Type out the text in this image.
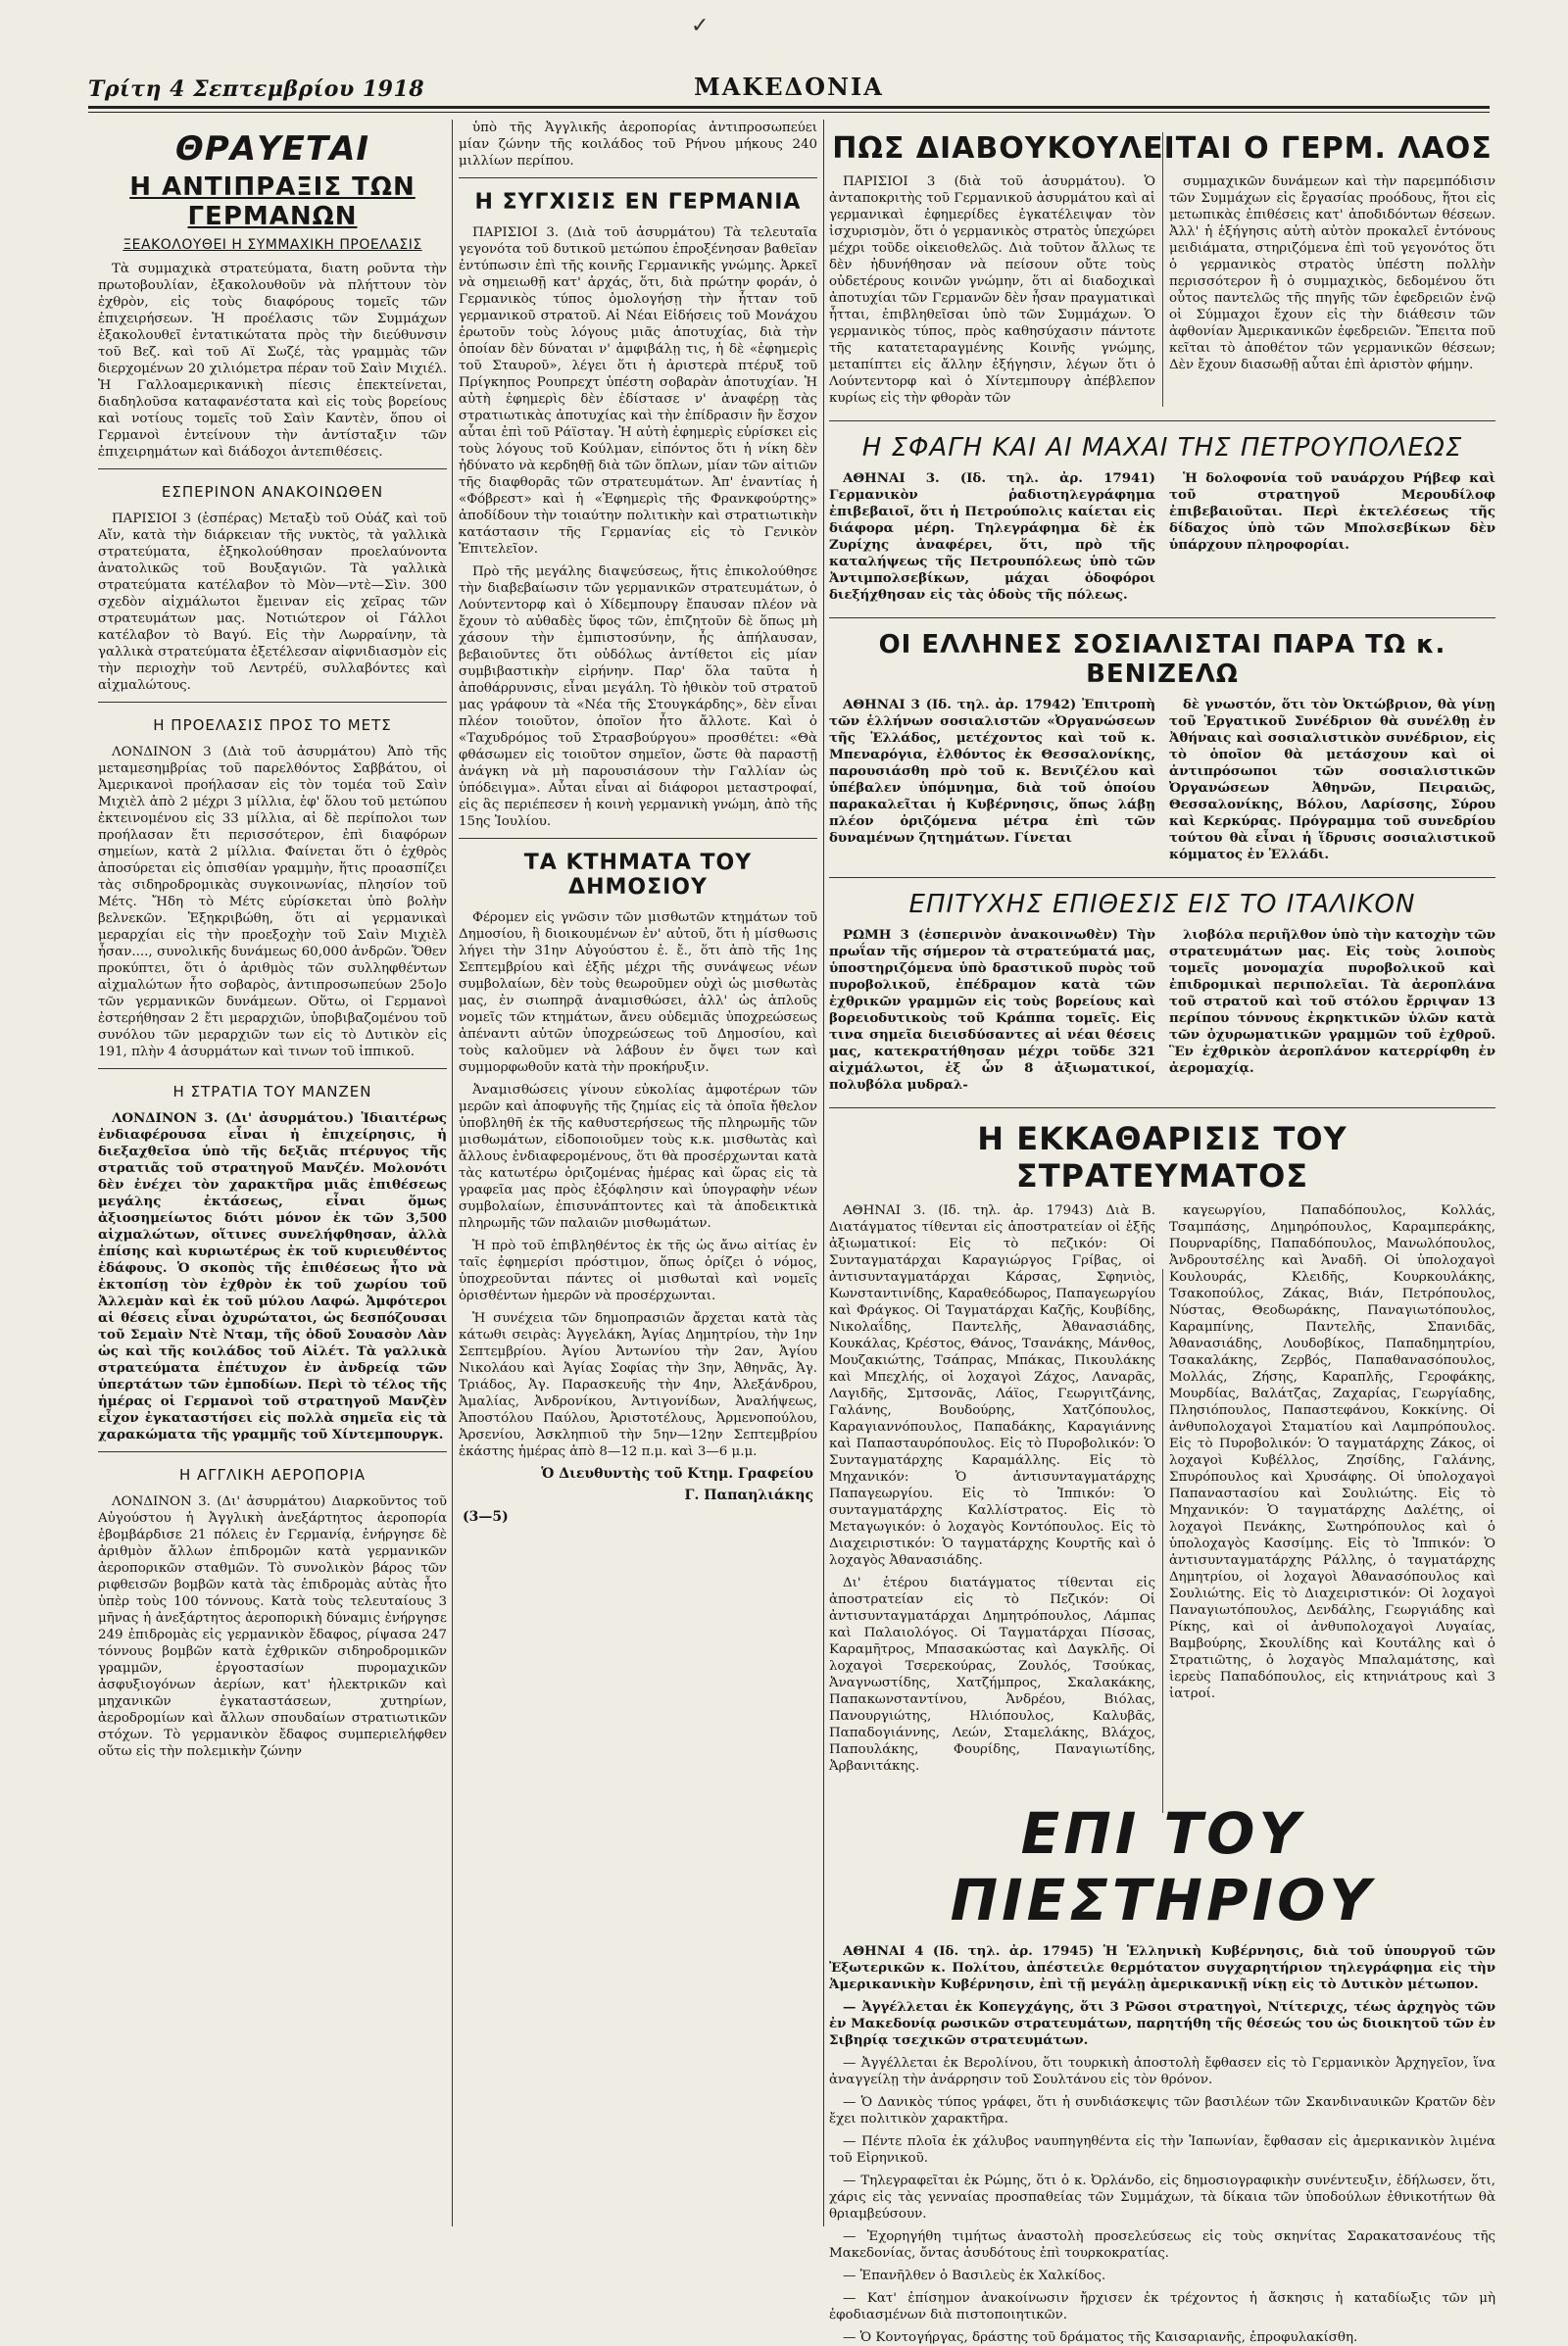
✓
Τρίτη 4 Σεπτεμβρίου 1918	ΜΑΚΕΔΟΝΙΑ
ΘΡΑΥΕΤΑΙ
Η ΑΝΤΙΠΡΑΞΙΣ ΤΩΝ ΓΕΡΜΑΝΩΝ
ΞΕΑΚΟΛΟΥΘΕΙ Η ΣΥΜΜΑΧΙΚΗ ΠΡΟΕΛΑΣΙΣ

Τὰ συμμαχικὰ στρατεύματα, διατη ροῦντα τὴν πρωτοβουλίαν, ἐξακολουθοῦν νὰ πλήττουν τὸν ἐχθρὸν, εἰς τοὺς διαφόρους τομεῖς τῶν ἐπιχειρήσεων. Ἡ προέλασις τῶν Συμμάχων ἐξακολουθεῖ ἐντατικώτατα πρὸς τὴν διεύθυνσιν τοῦ Βεζ. καὶ τοῦ Αϊ Σωζέ, τὰς γραμμὰς τῶν διερχομένων 20 χιλιόμετρα πέραν τοῦ Σαὶν Μιχιέλ. Ἡ Γαλλοαμερικανικὴ πίεσις ἐπεκτείνεται, διαδηλοῦσα καταφανέστατα καὶ εἰς τοὺς βορείους καὶ νοτίους τομεῖς τοῦ Σαὶν Καντὲν, ὅπου οἱ Γερμανοὶ ἐντείνουν τὴν ἀντίσταξιν τῶν ἐπιχειρημάτων καὶ διάδοχοι ἀντεπιθέσεις.

ΕΣΠΕΡΙΝΟΝ ΑΝΑΚΟΙΝΩΘΕΝ

ΠΑΡΙΣΙΟΙ 3 (ἑσπέρας) Μεταξὺ τοῦ Οὐάζ καὶ τοῦ Αἴν, κατὰ τὴν διάρκειαν τῆς νυκτὸς, τὰ γαλλικὰ στρατεύματα, ἐξηκολούθησαν προελαύνοντα ἀνατολικῶς τοῦ Βουξαγιῶν. Τὰ γαλλικὰ στρατεύματα κατέλαβον τὸ Μὸν—ντὲ—Σὶν. 300 σχεδὸν αἰχμάλωτοι ἔμειναν εἰς χεῖρας τῶν στρατευμάτων μας. Νοτιώτερον οἱ Γάλλοι κατέλαβον τὸ Βαγύ. Εἰς τὴν Λωρραίνην, τὰ γαλλικὰ στρατεύματα ἐξετέλεσαν αἰφνιδιασμὸν εἰς τὴν περιοχὴν τοῦ Λεντρέϋ, συλλαβόντες καὶ αἰχμαλώτους.

Η ΠΡΟΕΛΑΣΙΣ ΠΡΟΣ ΤΟ ΜΕΤΣ

ΛΟΝΔΙΝΟΝ 3 (Διὰ τοῦ ἀσυρμάτου) Ἀπὸ τῆς μεταμεσημβρίας τοῦ παρελθόντος Σαββάτου, οἱ Ἀμερικανοὶ προήλασαν εἰς τὸν τομέα τοῦ Σαὶν Μιχιὲλ ἀπὸ 2 μέχρι 3 μίλλια, ἐφ' ὅλου τοῦ μετώπου ἐκτεινομένου εἰς 33 μίλλια, αἱ δὲ περίπολοι των προήλασαν ἔτι περισσότερον, ἐπὶ διαφόρων σημείων, κατὰ 2 μίλλια. Φαίνεται ὅτι ὁ ἐχθρὸς ἀποσύρεται εἰς ὀπισθίαν γραμμὴν, ἥτις προασπίζει τὰς σιδηροδρομικὰς συγκοινωνίας, πλησίον τοῦ Μέτς. Ἤδη τὸ Μέτς εὑρίσκεται ὑπὸ βολὴν βελνεκῶν. Ἐξηκριβώθη, ὅτι αἱ γερμανικαὶ μεραρχίαι εἰς τὴν προεξοχὴν τοῦ Σαὶν Μιχιὲλ ἦσαν...., συνολικῆς δυνάμεως 60,000 ἀνδρῶν. Ὅθεν προκύπτει, ὅτι ὁ ἀριθμὸς τῶν συλληφθέντων αἰχμαλώτων ἦτο σοβαρὸς, ἀντιπροσωπεύων 25ο]ο τῶν γερμανικῶν δυνάμεων. Οὕτω, οἱ Γερμανοὶ ἐστερήθησαν 2 ἔτι μεραρχιῶν, ὑποβιβαζομένου τοῦ συνόλου τῶν μεραρχιῶν των εἰς τὸ Δυτικὸν εἰς 191, πλὴν 4 ἀσυρμάτων καὶ τινων τοῦ ἱππικοῦ.

Η ΣΤΡΑΤΙΑ ΤΟΥ ΜΑΝΖΕΝ

ΛΟΝΔΙΝΟΝ 3. (Δι' ἀσυρμάτου.) Ἰδιαιτέρως ἐνδιαφέρουσα εἶναι ἡ ἐπιχείρησις, ἡ διεξαχθεῖσα ὑπὸ τῆς δεξιᾶς πτέρυγος τῆς στρατιᾶς τοῦ στρατηγοῦ Μανζέν. Μολονότι δὲν ἐνέχει τὸν χαρακτῆρα μιᾶς ἐπιθέσεως μεγάλης ἐκτάσεως, εἶναι ὅμως ἀξιοσημείωτος διότι μόνον ἐκ τῶν 3,500 αἰχμαλώτων, οἵτινες συνελήφθησαν, ἀλλὰ ἐπίσης καὶ κυριωτέρως ἐκ τοῦ κυριευθέντος ἐδάφους. Ὁ σκοπὸς τῆς ἐπιθέσεως ἦτο νὰ ἐκτοπίσῃ τὸν ἐχθρὸν ἐκ τοῦ χωρίου τοῦ Ἀλλεμὰν καὶ ἐκ τοῦ μύλου Λαφώ. Ἀμφότεροι αἱ θέσεις εἶναι ὀχυρώτατοι, ὡς δεσπόζουσαι τοῦ Σεμαὶν Ντὲ Νταμ, τῆς ὁδοῦ Σουασὸν Λὰν ὡς καὶ τῆς κοιλάδος τοῦ Αἰλέτ. Τὰ γαλλικὰ στρατεύματα ἐπέτυχον ἐν ἀνδρείᾳ τῶν ὑπερτάτων τῶν ἐμποδίων. Περὶ τὸ τέλος τῆς ἡμέρας οἱ Γερμανοὶ τοῦ στρατηγοῦ Μανζὲν εἶχον ἐγκαταστήσει εἰς πολλὰ σημεῖα εἰς τὰ χαρακώματα τῆς γραμμῆς τοῦ Χίντεμπουργκ.

Η ΑΓΓΛΙΚΗ ΑΕΡΟΠΟΡΙΑ

ΛΟΝΔΙΝΟΝ 3. (Δι' ἀσυρμάτου) Διαρκοῦντος τοῦ Αὐγούστου ἡ Ἀγγλικὴ ἀνεξάρτητος ἀεροπορία ἐβομβάρδισε 21 πόλεις ἐν Γερμανίᾳ, ἐνήργησε δὲ ἀριθμὸν ἄλλων ἐπιδρομῶν κατὰ γερμανικῶν ἀεροπορικῶν σταθμῶν. Τὸ συνολικὸν βάρος τῶν ριφθεισῶν βομβῶν κατὰ τὰς ἐπιδρομὰς αὐτὰς ἦτο ὑπὲρ τοὺς 100 τόννους. Κατὰ τοὺς τελευταίους 3 μῆνας ἡ ἀνεξάρτητος ἀεροπορικὴ δύναμις ἐνήργησε 249 ἐπιδρομὰς εἰς γερμανικὸν ἔδαφος, ρίψασα 247 τόννους βομβῶν κατὰ ἐχθρικῶν σιδηροδρομικῶν γραμμῶν, ἐργοστασίων πυρομαχικῶν ἀσφυξιογόνων ἀερίων, κατ' ἠλεκτρικῶν καὶ μηχανικῶν ἐγκαταστάσεων, χυτηρίων, ἀεροδρομίων καὶ ἄλλων σπουδαίων στρατιωτικῶν στόχων. Τὸ γερμανικὸν ἔδαφος συμπεριελήφθεν οὕτω εἰς τὴν πολεμικὴν ζώνην

ὑπὸ τῆς Ἀγγλικῆς ἀεροπορίας ἀντιπροσωπεύει μίαν ζώνην τῆς κοιλάδος τοῦ Ρήνου μήκους 240 μιλλίων περίπου.

Η ΣΥΓΧΙΣΙΣ ΕΝ ΓΕΡΜΑΝΙΑ

ΠΑΡΙΣΙΟΙ 3. (Διὰ τοῦ ἀσυρμάτου) Τὰ τελευταῖα γεγονότα τοῦ δυτικοῦ μετώπου ἐπροξένησαν βαθεῖαν ἐντύπωσιν ἐπὶ τῆς κοινῆς Γερμανικῆς γνώμης. Ἀρκεῖ νὰ σημειωθῇ κατ' ἀρχάς, ὅτι, διὰ πρώτην φοράν, ὁ Γερμανικὸς τύπος ὁμολογήσῃ τὴν ἧτταν τοῦ γερμανικοῦ στρατοῦ. Αἱ Νέαι Εἰδήσεις τοῦ Μονάχου ἐρωτοῦν τοὺς λόγους μιᾶς ἀποτυχίας, διὰ τὴν ὁποίαν δὲν δύναται ν' ἀμφιβάλῃ τις, ἡ δὲ «ἐφημερὶς τοῦ Σταυροῦ», λέγει ὅτι ἡ ἀριστερὰ πτέρυξ τοῦ Πρίγκηπος Ρουπρεχτ ὑπέστη σοβαρὰν ἀποτυχίαν. Ἡ αὐτὴ ἐφημερὶς δὲν ἐδίστασε ν' ἀναφέρῃ τὰς στρατιωτικὰς ἀποτυχίας καὶ τὴν ἐπίδρασιν ἣν ἔσχον αὗται ἐπὶ τοῦ Ράϊσταγ. Ἡ αὐτὴ ἐφημερὶς εὑρίσκει εἰς τοὺς λόγους τοῦ Κούλμαν, εἰπόντος ὅτι ἡ νίκη δὲν ἠδύνατο νὰ κερδηθῇ διὰ τῶν ὅπλων, μίαν τῶν αἰτιῶν τῆς διαφθορᾶς τῶν στρατευμάτων. Ἀπ' ἐναντίας ἡ «Φόβρεστ» καὶ ἡ «Ἐφημερὶς τῆς Φρανκφούρτης» ἀποδίδουν τὴν τοιαύτην πολιτικὴν καὶ στρατιωτικὴν κατάστασιν τῆς Γερμανίας εἰς τὸ Γενικὸν Ἐπιτελεῖον.

Πρὸ τῆς μεγάλης διαψεύσεως, ἥτις ἐπικολούθησε τὴν διαβεβαίωσιν τῶν γερμανικῶν στρατευμάτων, ὁ Λούντεντορφ καὶ ὁ Χίδεμπουργ ἔπαυσαν πλέον νὰ ἔχουν τὸ αὐθαδὲς ὕφος τῶν, ἐπιζητοῦν δὲ ὅπως μὴ χάσουν τὴν ἐμπιστοσύνην, ἧς ἀπήλαυσαν, βεβαιοῦντες ὅτι οὐδόλως ἀντίθετοι εἰς μίαν συμβιβαστικὴν εἰρήνην. Παρ' ὅλα ταῦτα ἡ ἀποθάρρυνσις, εἶναι μεγάλη. Τὸ ἠθικὸν τοῦ στρατοῦ μας γράφουν τὰ «Νέα τῆς Στουγκάρδης», δὲν εἶναι πλέον τοιοῦτον, ὁποῖον ἦτο ἄλλοτε. Καὶ ὁ «Ταχυδρόμος τοῦ Στρασβούργου» προσθέτει: «Θὰ φθάσωμεν εἰς τοιοῦτον σημεῖον, ὥστε θὰ παραστῇ ἀνάγκη νὰ μὴ παρουσιάσουν τὴν Γαλλίαν ὡς ὑπόδειγμα». Αὗται εἶναι αἱ διάφοροι μεταστροφαί, εἰς ἃς περιέπεσεν ἡ κοινὴ γερμανικὴ γνώμη, ἀπὸ τῆς 15ης Ἰουλίου.

ΤΑ ΚΤΗΜΑΤΑ ΤΟΥ ΔΗΜΟΣΙΟΥ

Φέρομεν εἰς γνῶσιν τῶν μισθωτῶν κτημάτων τοῦ Δημοσίου, ἢ διοικουμένων ἐν' αὐτοῦ, ὅτι ἡ μίσθωσις λήγει τὴν 31ην Αὐγούστου ἐ. ἔ., ὅτι ἀπὸ τῆς 1ης Σεπτεμβρίου καὶ ἑξῆς μέχρι τῆς συνάψεως νέων συμβολαίων, δὲν τοὺς θεωροῦμεν οὐχὶ ὡς μισθωτὰς μας, ἐν σιωπηρᾷ ἀναμισθώσει, ἀλλ' ὡς ἁπλοῦς νομεῖς τῶν κτημάτων, ἄνευ οὐδεμιᾶς ὑποχρεώσεως ἀπέναντι αὐτῶν ὑποχρεώσεως τοῦ Δημοσίου, καὶ τοὺς καλοῦμεν νὰ λάβουν ἐν ὄψει των καὶ συμμορφωθοῦν κατὰ τὴν προκήρυξιν.

Ἀναμισθώσεις γίνουν εὐκολίας ἀμφοτέρων τῶν μερῶν καὶ ἀποφυγῆς τῆς ζημίας εἰς τὰ ὁποῖα ἤθελον ὑποβληθῆ ἐκ τῆς καθυστερήσεως τῆς πληρωμῆς τῶν μισθωμάτων, εἰδοποιοῦμεν τοὺς κ.κ. μισθωτὰς καὶ ἄλλους ἐνδιαφερομένους, ὅτι θὰ προσέρχωνται κατὰ τὰς κατωτέρω ὁριζομένας ἡμέρας καὶ ὥρας εἰς τὰ γραφεῖα μας πρὸς ἐξόφλησιν καὶ ὑπογραφὴν νέων συμβολαίων, ἐπισυνάπτοντες καὶ τὰ ἀποδεικτικὰ πληρωμῆς τῶν παλαιῶν μισθωμάτων.

Ἡ πρὸ τοῦ ἐπιβληθέντος ἐκ τῆς ὡς ἄνω αἰτίας ἐν ταῖς ἐφημερίσι πρόστιμον, ὅπως ὁρίζει ὁ νόμος, ὑποχρεοῦνται πάντες οἱ μισθωταὶ καὶ νομεῖς ὁρισθέντων ἡμερῶν νὰ προσέρχωνται.

Ἡ συνέχεια τῶν δημοπρασιῶν ἄρχεται κατὰ τὰς κάτωθι σειρὰς: Ἀγγελάκη, Ἁγίας Δημητρίου, τὴν 1ην Σεπτεμβρίου. Ἀγίου Ἀντωνίου τὴν 2αν, Ἀγίου Νικολάου καὶ Ἁγίας Σοφίας τὴν 3ην, Ἀθηνᾶς, Ἀγ. Τριάδος, Ἀγ. Παρασκευῆς τὴν 4ην, Ἀλεξάνδρου, Ἀμαλίας, Ἀνδρονίκου, Ἀντιγονίδων, Ἀναλήψεως, Ἀποστόλου Παύλου, Ἀριστοτέλους, Ἀρμενοπούλου, Ἀρσενίου, Ἀσκληπιοῦ τὴν 5ην—12ην Σεπτεμβρίου ἑκάστης ἡμέρας ἀπὸ 8—12 π.μ. καὶ 3—6 μ.μ.

Ὁ Διευθυντὴς τοῦ Κτημ. Γραφείου
Γ. Παπαηλιάκης
(3—5)
ΠΩΣ ΔΙΑΒΟΥΚΟΥΛΕΙΤΑΙ Ο ΓΕΡΜ. ΛΑΟΣ

ΠΑΡΙΣΙΟΙ 3 (διὰ τοῦ ἀσυρμάτου). Ὁ ἀνταποκριτὴς τοῦ Γερμανικοῦ ἀσυρμάτου καὶ αἱ γερμανικαὶ ἐφημερίδες ἐγκατέλειψαν τὸν ἰσχυρισμὸν, ὅτι ὁ γερμανικὸς στρατὸς ὑπεχώρει μέχρι τοῦδε οἰκειοθελῶς. Διὰ τοῦτον ἄλλως τε δὲν ἠδυνήθησαν νὰ πείσουν οὔτε τοὺς οὐδετέρους κοινῶν γνώμην, ὅτι αἱ διαδοχικαὶ ἀποτυχίαι τῶν Γερμανῶν δὲν ἦσαν πραγματικαὶ ἧτται, ἐπιβληθεῖσαι ὑπὸ τῶν Συμμάχων. Ὁ γερμανικὸς τύπος, πρὸς καθησύχασιν πάντοτε τῆς κατατεταραγμένης Κοινῆς γνώμης, μεταπίπτει εἰς ἄλλην ἐξήγησιν, λέγων ὅτι ὁ Λούντεντορφ καὶ ὁ Χίντεμπουργ ἀπέβλεπον κυρίως εἰς τὴν φθορὰν τῶν

συμμαχικῶν δυνάμεων καὶ τὴν παρεμπόδισιν τῶν Συμμάχων εἰς ἔργασίας προόδους, ἥτοι εἰς μετωπικὰς ἐπιθέσεις κατ' ἀποδιδόντων θέσεων. Ἀλλ' ἡ ἐξήγησις αὐτὴ αὐτὸν προκαλεῖ ἐντόνους μειδιάματα, στηριζόμενα ἐπὶ τοῦ γεγονότος ὅτι ὁ γερμανικὸς στρατὸς ὑπέστη πολλὴν περισσότερον ἢ ὁ συμμαχικὸς, δεδομένου ὅτι οὗτος παντελῶς τῆς πηγῆς τῶν ἐφεδρειῶν ἐνῷ οἱ Σύμμαχοι ἔχουν εἰς τὴν διάθεσιν τῶν ἀφθονίαν Ἀμερικανικῶν ἐφεδρειῶν. Ἔπειτα ποῦ κεῖται τὸ ἀποθέτον τῶν γερμανικῶν θέσεων; Δὲν ἔχουν διασωθῇ αὗται ἐπὶ ἀριστὸν φήμην.

Η ΣΦΑΓΗ ΚΑΙ ΑΙ ΜΑΧΑΙ ΤΗΣ ΠΕΤΡΟΥΠΟΛΕΩΣ

ΑΘΗΝΑΙ 3. (Ιδ. τηλ. ἀρ. 17941) Γερμανικὸν ῥαδιοτηλεγράφημα ἐπιβεβαιοῖ, ὅτι ἡ Πετρούπολις καίεται εἰς διάφορα μέρη. Τηλεγράφημα δὲ ἐκ Ζυρίχης ἀναφέρει, ὅτι, πρὸ τῆς καταλήψεως τῆς Πετρουπόλεως ὑπὸ τῶν Ἀντιμπολσεβίκων, μάχαι ὁδοφόροι διεξήχθησαν εἰς τὰς ὁδοὺς τῆς πόλεως.

Ἡ δολοφονία τοῦ ναυάρχου Ρήβεφ καὶ τοῦ στρατηγοῦ Μερουδίλοφ ἐπιβεβαιοῦται. Περὶ ἐκτελέσεως τῆς δίδαχος ὑπὸ τῶν Μπολσεβίκων δὲν ὑπάρχουν πληροφορίαι.

ΟΙ ΕΛΛΗΝΕΣ ΣΟΣΙΑΛΙΣΤΑΙ ΠΑΡΑ ΤΩ κ. ΒΕΝΙΖΕΛΩ

ΑΘΗΝΑΙ 3 (Ιδ. τηλ. ἀρ. 17942) Ἐπιτροπὴ τῶν ἑλλήνων σοσιαλιστῶν «Ὀργανώσεων τῆς Ἑλλάδος, μετέχοντος καὶ τοῦ κ. Μπεναρόγια, ἐλθόντος ἐκ Θεσσαλονίκης, παρουσιάσθη πρὸ τοῦ κ. Βενιζέλου καὶ ὑπέβαλεν ὑπόμνημα, διὰ τοῦ ὁποίου παρακαλεῖται ἡ Κυβέρνησις, ὅπως λάβῃ πλέον ὁριζόμενα μέτρα ἐπὶ τῶν δυναμένων ζητημάτων. Γίνεται

δὲ γνωστόν, ὅτι τὸν Ὀκτώβριον, θὰ γίνῃ τοῦ Ἐργατικοῦ Συνέδριον θὰ συνέλθῃ ἐν Ἀθήναις καὶ σοσιαλιστικὸν συνέδριον, εἰς τὸ ὁποῖον θὰ μετάσχουν καὶ οἱ ἀντιπρόσωποι τῶν σοσιαλιστικῶν Ὀργανώσεων Ἀθηνῶν, Πειραιῶς, Θεσσαλονίκης, Βόλου, Λαρίσσης, Σύρου καὶ Κερκύρας. Πρόγραμμα τοῦ συνεδρίου τούτου θὰ εἶναι ἡ ἵδρυσις σοσιαλιστικοῦ κόμματος ἐν Ἑλλάδι.

ΕΠΙΤΥΧΗΣ ΕΠΙΘΕΣΙΣ ΕΙΣ ΤΟ ΙΤΑΛΙΚΟΝ

ΡΩΜΗ 3 (ἑσπερινὸν ἀνακοινωθὲν) Τὴν πρωΐαν τῆς σήμερον τὰ στρατεύματά μας, ὑποστηριζόμενα ὑπὸ δραστικοῦ πυρὸς τοῦ πυροβολικοῦ, ἐπέδραμον κατὰ τῶν ἐχθρικῶν γραμμῶν εἰς τοὺς βορείους καὶ βορειοδυτικοὺς τοῦ Κράππα τομεῖς. Εἰς τινα σημεῖα διεισδύσαντες αἱ νέαι θέσεις μας, κατεκρατήθησαν μέχρι τοῦδε 321 αἰχμάλωτοι, ἐξ ὧν 8 ἀξιωματικοί, πολυβόλα μυδραλ-

λιοβόλα περιῆλθον ὑπὸ τὴν κατοχὴν τῶν στρατευμάτων μας. Εἰς τοὺς λοιποὺς τομεῖς μονομαχία πυροβολικοῦ καὶ ἐπιδρομικαὶ περιπολεῖαι. Τὰ ἀεροπλάνα τοῦ στρατοῦ καὶ τοῦ στόλου ἔρριψαν 13 περίπου τόννους ἐκρηκτικῶν ὑλῶν κατὰ τῶν ὀχυρωματικῶν γραμμῶν τοῦ ἐχθροῦ. Ἓν ἐχθρικὸν ἀεροπλάνον κατερρίφθη ἐν ἀερομαχίᾳ.

Η ΕΚΚΑΘΑΡΙΣΙΣ ΤΟΥ ΣΤΡΑΤΕΥΜΑΤΟΣ

ΑΘΗΝΑΙ 3. (Ιδ. τηλ. ἀρ. 17943) Διὰ Β. Διατάγματος τίθενται εἰς ἀποστρατείαν οἱ ἑξῆς ἀξιωματικοί: Εἰς τὸ πεζικόν: Οἱ Συνταγματάρχαι Καραγιώργος Γρίβας, οἱ ἀντισυνταγματάρχαι Κάρσας, Σφηνιὸς, Κωνσταντινίδης, Καραθεόδωρος, Παπαγεωργίου καὶ Φράγκος. Οἱ Ταγματάρχαι Καζῆς, Κουβίδης, Νικολαΐδης, Παντελῆς, Ἀθανασιάδης, Κουκάλας, Κρέστος, Θάνος, Τσανάκης, Μάνθος, Μουζακιώτης, Τσάπρας, Μπάκας, Πικουλάκης καὶ Μπεχλής, οἱ λοχαγοὶ Ζάχος, Λαναρᾶς, Λαγιδῆς, Σμτσονᾶς, Λάϊος, Γεωργιτζάνης, Γαλάνης, Βουδούρης, Χατζόπουλος, Καραγιαννόπουλος, Παπαδάκης, Καραγιάννης καὶ Παπασταυρόπουλος. Εἰς τὸ Πυροβολικόν: Ὁ Συνταγματάρχης Καραμάλλης. Εἰς τὸ Μηχανικόν: Ὁ ἀντισυνταγματάρχης Παπαγεωργίου. Εἰς τὸ Ἱππικόν: Ὁ συνταγματάρχης Καλλίστρατος. Εἰς τὸ Μεταγωγικόν: ὁ λοχαγὸς Κοντόπουλος. Εἰς τὸ Διαχειριστικόν: Ὁ ταγματάρχης Κουρτῆς καὶ ὁ λοχαγὸς Ἀθανασιάδης.

Δι' ἑτέρου διατάγματος τίθενται εἰς ἀποστρατείαν εἰς τὸ Πεζικόν: Οἱ ἀντισυνταγματάρχαι Δημητρόπουλος, Λάμπας καὶ Παλαιολόγος. Οἱ Ταγματάρχαι Πίσσας, Καραμῆτρος, Μπασακώστας καὶ Δαγκλῆς. Οἱ λοχαγοὶ Τσερεκούρας, Ζουλός, Τσούκας, Ἀναγνωστίδης, Χατζήμπρος, Σκαλακάκης, Παπακωνσταντίνου, Ἀνδρέου, Βιόλας, Πανουργιώτης, Ηλιόπουλος, Καλυβᾶς, Παπαδογιάννης, Λεών, Σταμελάκης, Βλάχος, Παπουλάκης, Φουρίδης, Παναγιωτίδης, Ἀρβανιτάκης.

καγεωργίου, Παπαδόπουλος, Κολλάς, Τσαμπάσης, Δημηρόπουλος, Καραμπεράκης, Πουρναρίδης, Παπαδόπουλος, Μανωλόπουλος, Ἀνδρουτσέλης καὶ Ἀναδῆ. Οἱ ὑπολοχαγοὶ Κουλουράς, Κλειδῆς, Κουρκουλάκης, Τσακοπούλος, Ζάκας, Βιάν, Πετρόπουλος, Νύστας, Θεοδωράκης, Παναγιωτόπουλος, Καραμπίνης, Παντελῆς, Σπανιδᾶς, Ἀθανασιάδης, Λουδοβίκος, Παπαδημητρίου, Τσακαλάκης, Ζερβός, Παπαθανασόπουλος, Μολλάς, Ζήσης, Καραπλῆς, Γεροφάκης, Μουρδίας, Βαλάτζας, Ζαχαρίας, Γεωργίαδης, Πλησιόπουλος, Παπαστεφάνου, Κοκκίνης. Οἱ ἀνθυπολοχαγοὶ Σταματίου καὶ Λαμπρόπουλος. Εἰς τὸ Πυροβολικόν: Ὁ ταγματάρχης Ζάκος, οἱ λοχαγοὶ Κυβέλλος, Ζησίδης, Γαλάνης, Σπυρόπουλος καὶ Χρυσάφης. Οἱ ὑπολοχαγοὶ Παπαναστασίου καὶ Σουλιώτης. Εἰς τὸ Μηχανικόν: Ὁ ταγματάρχης Δαλέτης, οἱ λοχαγοὶ Πενάκης, Σωτηρόπουλος καὶ ὁ ὑπολοχαγὸς Κασσίμης. Εἰς τὸ Ἱππικόν: Ὁ ἀντισυνταγματάρχης Ράλλης, ὁ ταγματάρχης Δημητρίου, οἱ λοχαγοὶ Ἀθανασόπουλος καὶ Σουλιώτης. Εἰς τὸ Διαχειριστικόν: Οἱ λοχαγοὶ Παναγιωτόπουλος, Δενδάλης, Γεωργιάδης καὶ Ρίκης, καὶ οἱ ἀνθυπολοχαγοὶ Λυγαίας, Βαμβούρης, Σκουλίδης καὶ Κουτάλης καὶ ὁ Στρατιῶτης, ὁ λοχαγὸς Μπαλαμάτσης, καὶ ἱερεὺς Παπαδόπουλος, εἰς κτηνιάτρους καὶ 3 ἰατροί.

ΕΠΙ ΤΟΥ ΠΙΕΣΤΗΡΙΟΥ

ΑΘΗΝΑΙ 4 (Ιδ. τηλ. ἀρ. 17945) Ἡ Ἑλληνικὴ Κυβέρνησις, διὰ τοῦ ὑπουργοῦ τῶν Ἐξωτερικῶν κ. Πολίτου, ἀπέστειλε θερμότατον συγχαρητήριον τηλεγράφημα εἰς τὴν Ἀμερικανικὴν Κυβέρνησιν, ἐπὶ τῇ μεγάλῃ ἀμερικανικῇ νίκῃ εἰς τὸ Δυτικὸν μέτωπον.

— Ἀγγέλλεται ἐκ Κοπεγχάγης, ὅτι 3 Ρῶσοι στρατηγοὶ, Ντίτεριχς, τέως ἀρχηγὸς τῶν ἐν Μακεδονίᾳ ρωσικῶν στρατευμάτων, παρητήθη τῆς θέσεώς του ὡς διοικητοῦ τῶν ἐν Σιβηρίᾳ τσεχικῶν στρατευμάτων.

— Ἀγγέλλεται ἐκ Βερολίνου, ὅτι τουρκικὴ ἀποστολὴ ἔφθασεν εἰς τὸ Γερμανικὸν Ἀρχηγεῖον, ἵνα ἀναγγείλῃ τὴν ἀνάρρησιν τοῦ Σουλτάνου εἰς τὸν θρόνον.

— Ὁ Δανικὸς τύπος γράφει, ὅτι ἡ συνδιάσκεψις τῶν βασιλέων τῶν Σκανδιναυικῶν Κρατῶν δὲν ἔχει πολιτικὸν χαρακτῆρα.

— Πέντε πλοῖα ἐκ χάλυβος ναυπηγηθέντα εἰς τὴν Ἰαπωνίαν, ἔφθασαν εἰς ἀμερικανικὸν λιμένα τοῦ Εἰρηνικοῦ.

— Τηλεγραφεῖται ἐκ Ρώμης, ὅτι ὁ κ. Ὀρλάνδο, εἰς δημοσιογραφικὴν συνέντευξιν, ἐδήλωσεν, ὅτι, χάρις εἰς τὰς γενναίας προσπαθείας τῶν Συμμάχων, τὰ δίκαια τῶν ὑποδούλων ἐθνικοτήτων θὰ θριαμβεύσουν.

— Ἐχορηγήθη τιμήτως ἀναστολὴ προσελεύσεως εἰς τοὺς σκηνίτας Σαρακατσανέους τῆς Μακεδονίας, ὄντας ἀσυδότους ἐπὶ τουρκοκρατίας.

— Ἐπανῆλθεν ὁ Βασιλεὺς ἐκ Χαλκίδος.

— Κατ' ἐπίσημον ἀνακοίνωσιν ἤρχισεν ἐκ τρέχοντος ἡ ἄσκησις ἡ καταδίωξις τῶν μὴ ἐφοδιασμένων διὰ πιστοποιητικῶν.

— Ὁ Κοντογήργας, δράστης τοῦ δράματος τῆς Καισαριανῆς, ἐπροφυλακίσθη.
